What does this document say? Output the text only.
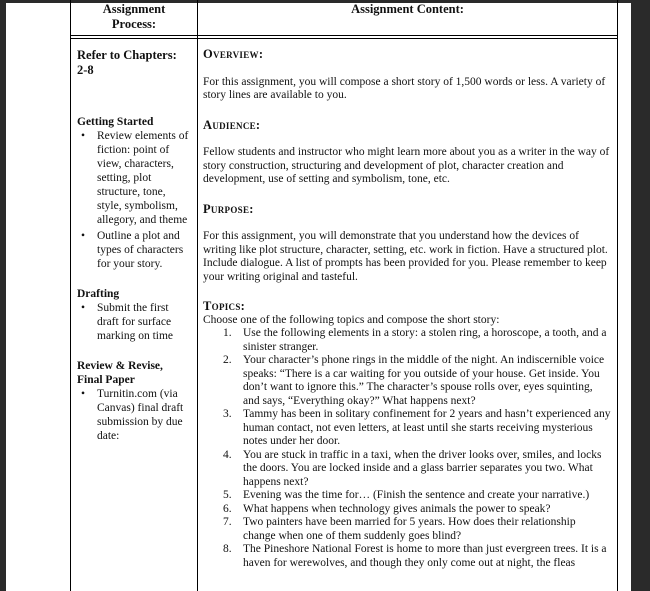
Assignment
Process:
Assignment Content:
Refer to Chapters:
2-8
Getting Started
• Review elements of fiction: point of view, characters, setting, plot structure, tone, style, symbolism, allegory, and theme
• Outline a plot and types of characters for your story.
Drafting
• Submit the first draft for surface marking on time
Review & Revise,
Final Paper
• Turnitin.com (via Canvas) final draft submission by due date:
Overview:

For this assignment, you will compose a short story of 1,500 words or less. A variety of story lines are available to you.

Audience:

Fellow students and instructor who might learn more about you as a writer in the way of story construction, structuring and development of plot, character creation and development, use of setting and symbolism, tone, etc.

Purpose:

For this assignment, you will demonstrate that you understand how the devices of writing like plot structure, character, setting, etc. work in fiction. Have a structured plot. Include dialogue. A list of prompts has been provided for you. Please remember to keep your writing original and tasteful.

Topics:

Choose one of the following topics and compose the short story:

1. Use the following elements in a story: a stolen ring, a horoscope, a tooth, and a sinister stranger.
2. Your character’s phone rings in the middle of the night. An indiscernible voice speaks: “There is a car waiting for you outside of your house. Get inside. You don’t want to ignore this.” The character’s spouse rolls over, eyes squinting, and says, “Everything okay?” What happens next?
3. Tammy has been in solitary confinement for 2 years and hasn’t experienced any human contact, not even letters, at least until she starts receiving mysterious notes under her door.
4. You are stuck in traffic in a taxi, when the driver looks over, smiles, and locks the doors. You are locked inside and a glass barrier separates you two. What happens next?
5. Evening was the time for… (Finish the sentence and create your narrative.)
6. What happens when technology gives animals the power to speak?
7. Two painters have been married for 5 years. How does their relationship change when one of them suddenly goes blind?
8. The Pineshore National Forest is home to more than just evergreen trees. It is a haven for werewolves, and though they only come out at night, the fleas
